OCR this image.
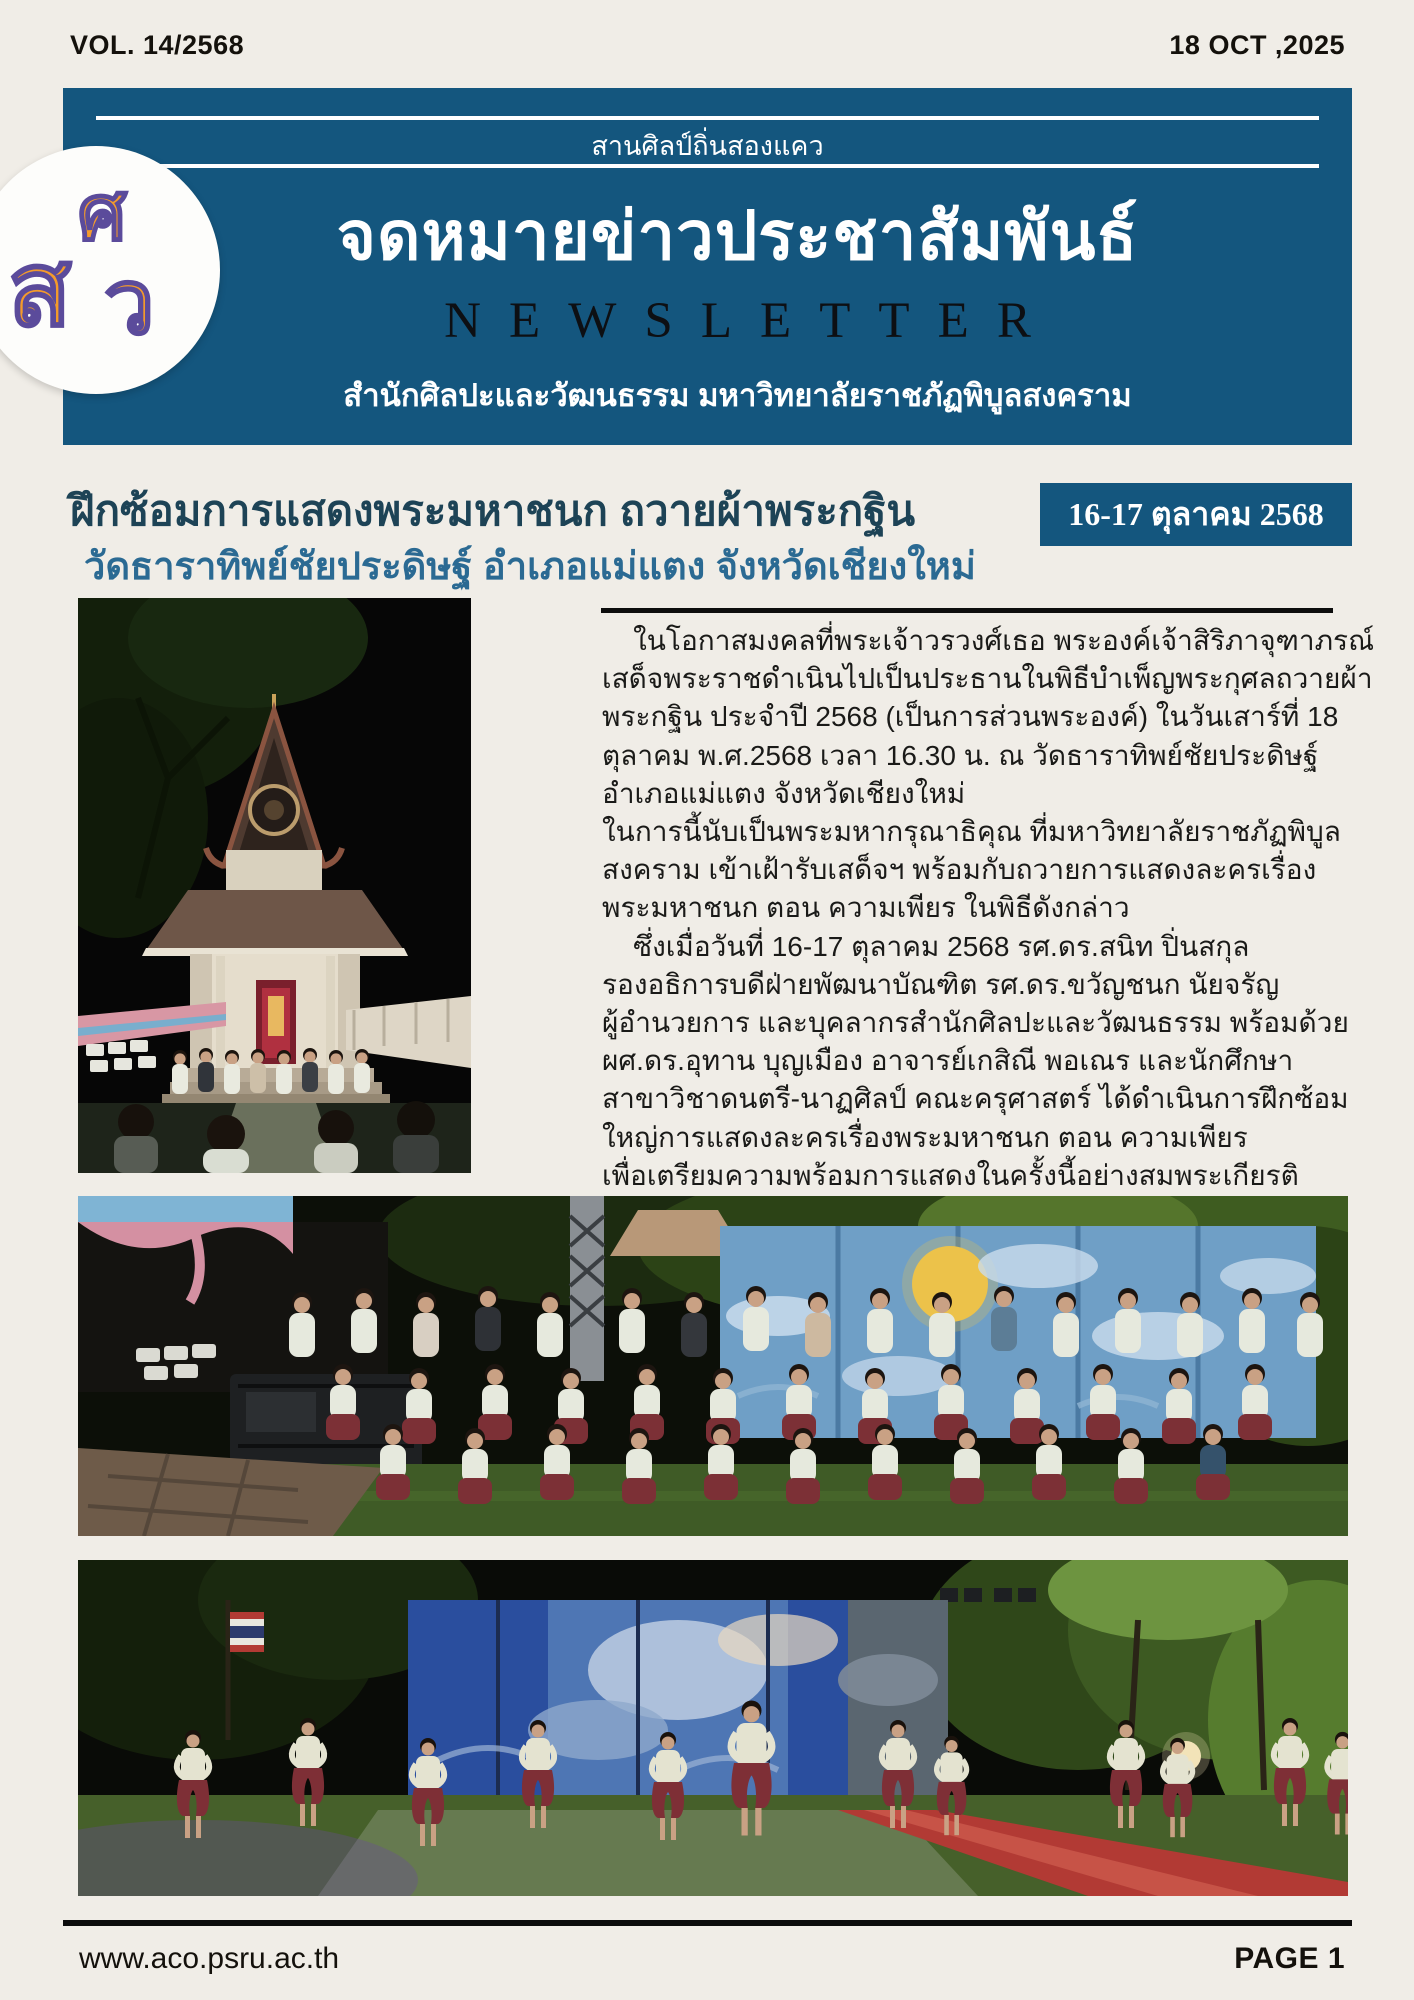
VOL. 14/2568	18 OCT ,2025
สานศิลป์ถิ่นสองแคว
จดหมายข่าวประชาสัมพันธ์
NEWSLETTER
สำนักศิลปะและวัฒนธรรม มหาวิทยาลัยราชภัฏพิบูลสงคราม
ศ
ส ว
ฝึกซ้อมการแสดงพระมหาชนก ถวายผ้าพระกฐิน
วัดธาราทิพย์ชัยประดิษฐ์ อำเภอแม่แตง จังหวัดเชียงใหม่
16-17 ตุลาคม 2568
ในโอกาสมงคลที่พระเจ้าวรวงศ์เธอ พระองค์เจ้าสิริภาจุฑาภรณ์
เสด็จพระราชดำเนินไปเป็นประธานในพิธีบำเพ็ญพระกุศลถวายผ้า
พระกฐิน ประจำปี 2568 (เป็นการส่วนพระองค์) ในวันเสาร์ที่ 18
ตุลาคม พ.ศ.2568 เวลา 16.30 น. ณ วัดธาราทิพย์ชัยประดิษฐ์
อำเภอแม่แตง จังหวัดเชียงใหม่
ในการนี้นับเป็นพระมหากรุณาธิคุณ ที่มหาวิทยาลัยราชภัฏพิบูล
สงคราม เข้าเฝ้ารับเสด็จฯ พร้อมกับถวายการแสดงละครเรื่อง
พระมหาชนก ตอน ความเพียร ในพิธีดังกล่าว
ซึ่งเมื่อวันที่ 16-17 ตุลาคม 2568 รศ.ดร.สนิท ปิ่นสกุล
รองอธิการบดีฝ่ายพัฒนาบัณฑิต รศ.ดร.ขวัญชนก นัยจรัญ
ผู้อำนวยการ และบุคลากรสำนักศิลปะและวัฒนธรรม พร้อมด้วย
ผศ.ดร.อุทาน บุญเมือง อาจารย์เกสิณี พอเณร และนักศึกษา
สาขาวิชาดนตรี-นาฏศิลป์ คณะครุศาสตร์ ได้ดำเนินการฝึกซ้อม
ใหญ่การแสดงละครเรื่องพระมหาชนก ตอน ความเพียร
เพื่อเตรียมความพร้อมการแสดงในครั้งนี้อย่างสมพระเกียรติ
www.aco.psru.ac.th	PAGE 1
